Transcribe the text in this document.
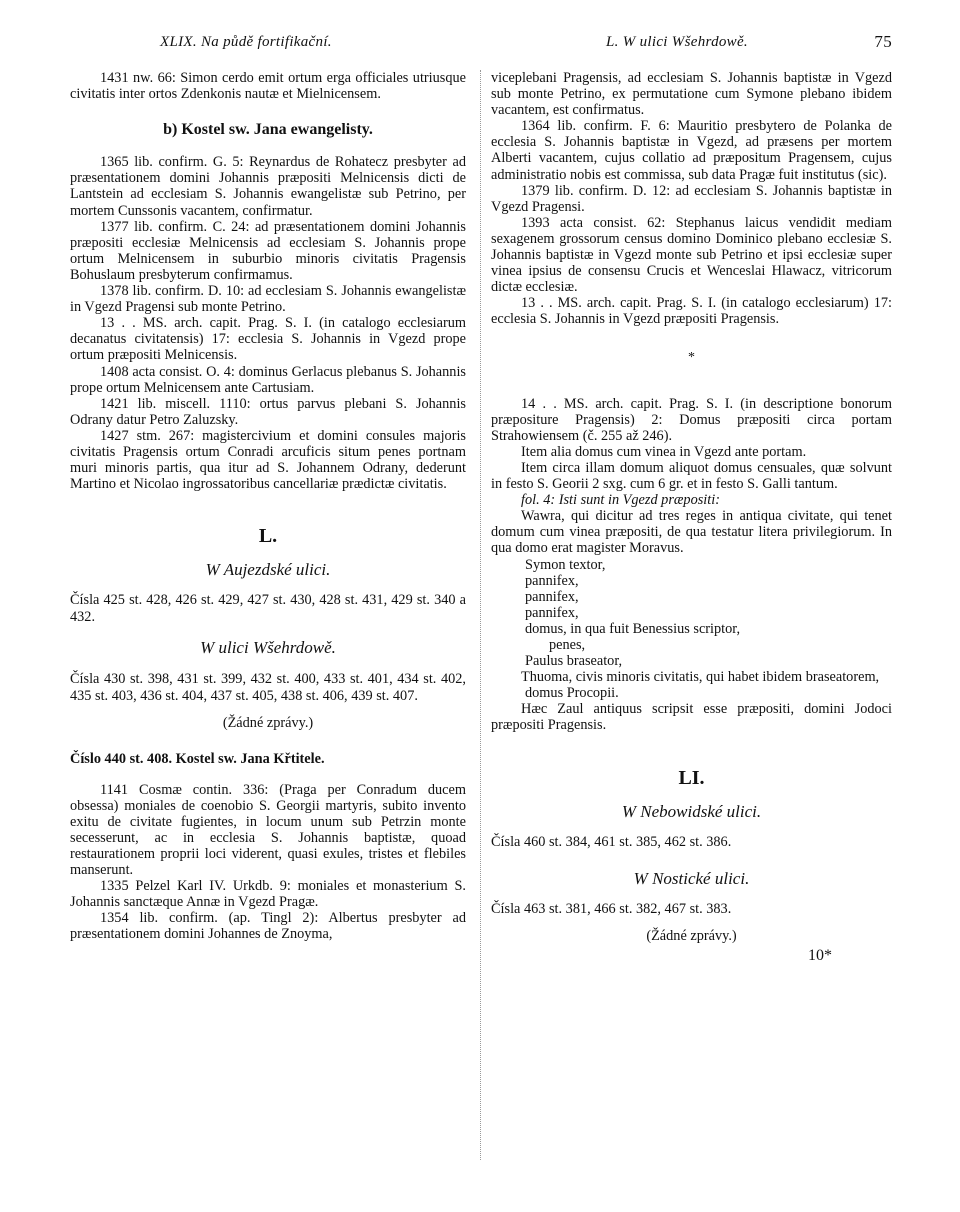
XLIX. Na půdě fortifikační.	L. W ulici Wšehrdowě.	75

1431 nw. 66: Simon cerdo emit ortum erga officiales utriusque civitatis inter ortos Zdenkonis nautæ et Mielnicensem.

b) Kostel sw. Jana ewangelisty.

1365 lib. confirm. G. 5: Reynardus de Rohatecz presbyter ad præsentationem domini Johannis præpositi Melnicensis dicti de Lantstein ad ecclesiam S. Johannis ewangelistæ sub Petrino, per mortem Cunssonis vacantem, confirmatur.

1377 lib. confirm. C. 24: ad præsentationem domini Johannis præpositi ecclesiæ Melnicensis ad ecclesiam S. Johannis prope ortum Melnicensem in suburbio minoris civitatis Pragensis Bohuslaum presbyterum confirmamus.

1378 lib. confirm. D. 10: ad ecclesiam S. Johannis ewangelistæ in Vgezd Pragensi sub monte Petrino.

13 . . MS. arch. capit. Prag. S. I. (in catalogo ecclesiarum decanatus civitatensis) 17: ecclesia S. Johannis in Vgezd prope ortum præpositi Melnicensis.

1408 acta consist. O. 4: dominus Gerlacus plebanus S. Johannis prope ortum Melnicensem ante Cartusiam.

1421 lib. miscell. 1110: ortus parvus plebani S. Johannis Odrany datur Petro Zaluzsky.

1427 stm. 267: magistercivium et domini consules majoris civitatis Pragensis ortum Conradi arcuficis situm penes portnam muri minoris partis, qua itur ad S. Johannem Odrany, dederunt Martino et Nicolao ingrossatoribus cancellariæ prædictæ civitatis.

L.
W Aujezdské ulici.

Čísla 425 st. 428, 426 st. 429, 427 st. 430, 428 st. 431, 429 st. 340 a 432.

W ulici Wšehrdowě.

Čísla 430 st. 398, 431 st. 399, 432 st. 400, 433 st. 401, 434 st. 402, 435 st. 403, 436 st. 404, 437 st. 405, 438 st. 406, 439 st. 407.

(Žádné zprávy.)

Číslo 440 st. 408. Kostel sw. Jana Křtitele.

1141 Cosmæ contin. 336: (Praga per Conradum ducem obsessa) moniales de coenobio S. Georgii martyris, subito invento exitu de civitate fugientes, in locum unum sub Petrzin monte secesserunt, ac in ecclesia S. Johannis baptistæ, quoad restaurationem proprii loci viderent, quasi exules, tristes et flebiles manserunt.

1335 Pelzel Karl IV. Urkdb. 9: moniales et monasterium S. Johannis sanctæque Annæ in Vgezd Pragæ.

1354 lib. confirm. (ap. Tingl 2): Albertus presbyter ad præsentationem domini Johannes de Znoyma,

viceplebani Pragensis, ad ecclesiam S. Johannis baptistæ in Vgezd sub monte Petrino, ex permutatione cum Symone plebano ibidem vacantem, est confirmatus.

1364 lib. confirm. F. 6: Mauritio presbytero de Polanka de ecclesia S. Johannis baptistæ in Vgezd, ad præsens per mortem Alberti vacantem, cujus collatio ad præpositum Pragensem, cujus administratio nobis est commissa, sub data Pragæ fuit institutus (sic).

1379 lib. confirm. D. 12: ad ecclesiam S. Johannis baptistæ in Vgezd Pragensi.

1393 acta consist. 62: Stephanus laicus vendidit mediam sexagenem grossorum census domino Dominico plebano ecclesiæ S. Johannis baptistæ in Vgezd monte sub Petrino et ipsi ecclesiæ super vinea ipsius de consensu Crucis et Wenceslai Hlawacz, vitricorum dictæ ecclesiæ.

13 . . MS. arch. capit. Prag. S. I. (in catalogo ecclesiarum) 17: ecclesia S. Johannis in Vgezd præpositi Pragensis.

*

14 . . MS. arch. capit. Prag. S. I. (in descriptione bonorum præpositure Pragensis) 2: Domus præpositi circa portam Strahowiensem (č. 255 až 246).

Item alia domus cum vinea in Vgezd ante portam.

Item circa illam domum aliquot domus censuales, quæ solvunt in festo S. Georii 2 sxg. cum 6 gr. et in festo S. Galli tantum.

fol. 4: Isti sunt in Vgezd præpositi:

Wawra, qui dicitur ad tres reges in antiqua civitate, qui tenet domum cum vinea præpositi, de qua testatur litera privilegiorum. In qua domo erat magister Moravus.

Symon textor,

pannifex,

pannifex,

pannifex,

domus, in qua fuit Benessius scriptor,

penes,

Paulus braseator,

Thuoma, civis minoris civitatis, qui habet ibidem braseatorem,

domus Procopii.

Hæc Zaul antiquus scripsit esse præpositi, domini Jodoci præpositi Pragensis.

LI.
W Nebowidské ulici.

Čísla 460 st. 384, 461 st. 385, 462 st. 386.

W Nostické ulici.

Čísla 463 st. 381, 466 st. 382, 467 st. 383.

(Žádné zprávy.)

10*
